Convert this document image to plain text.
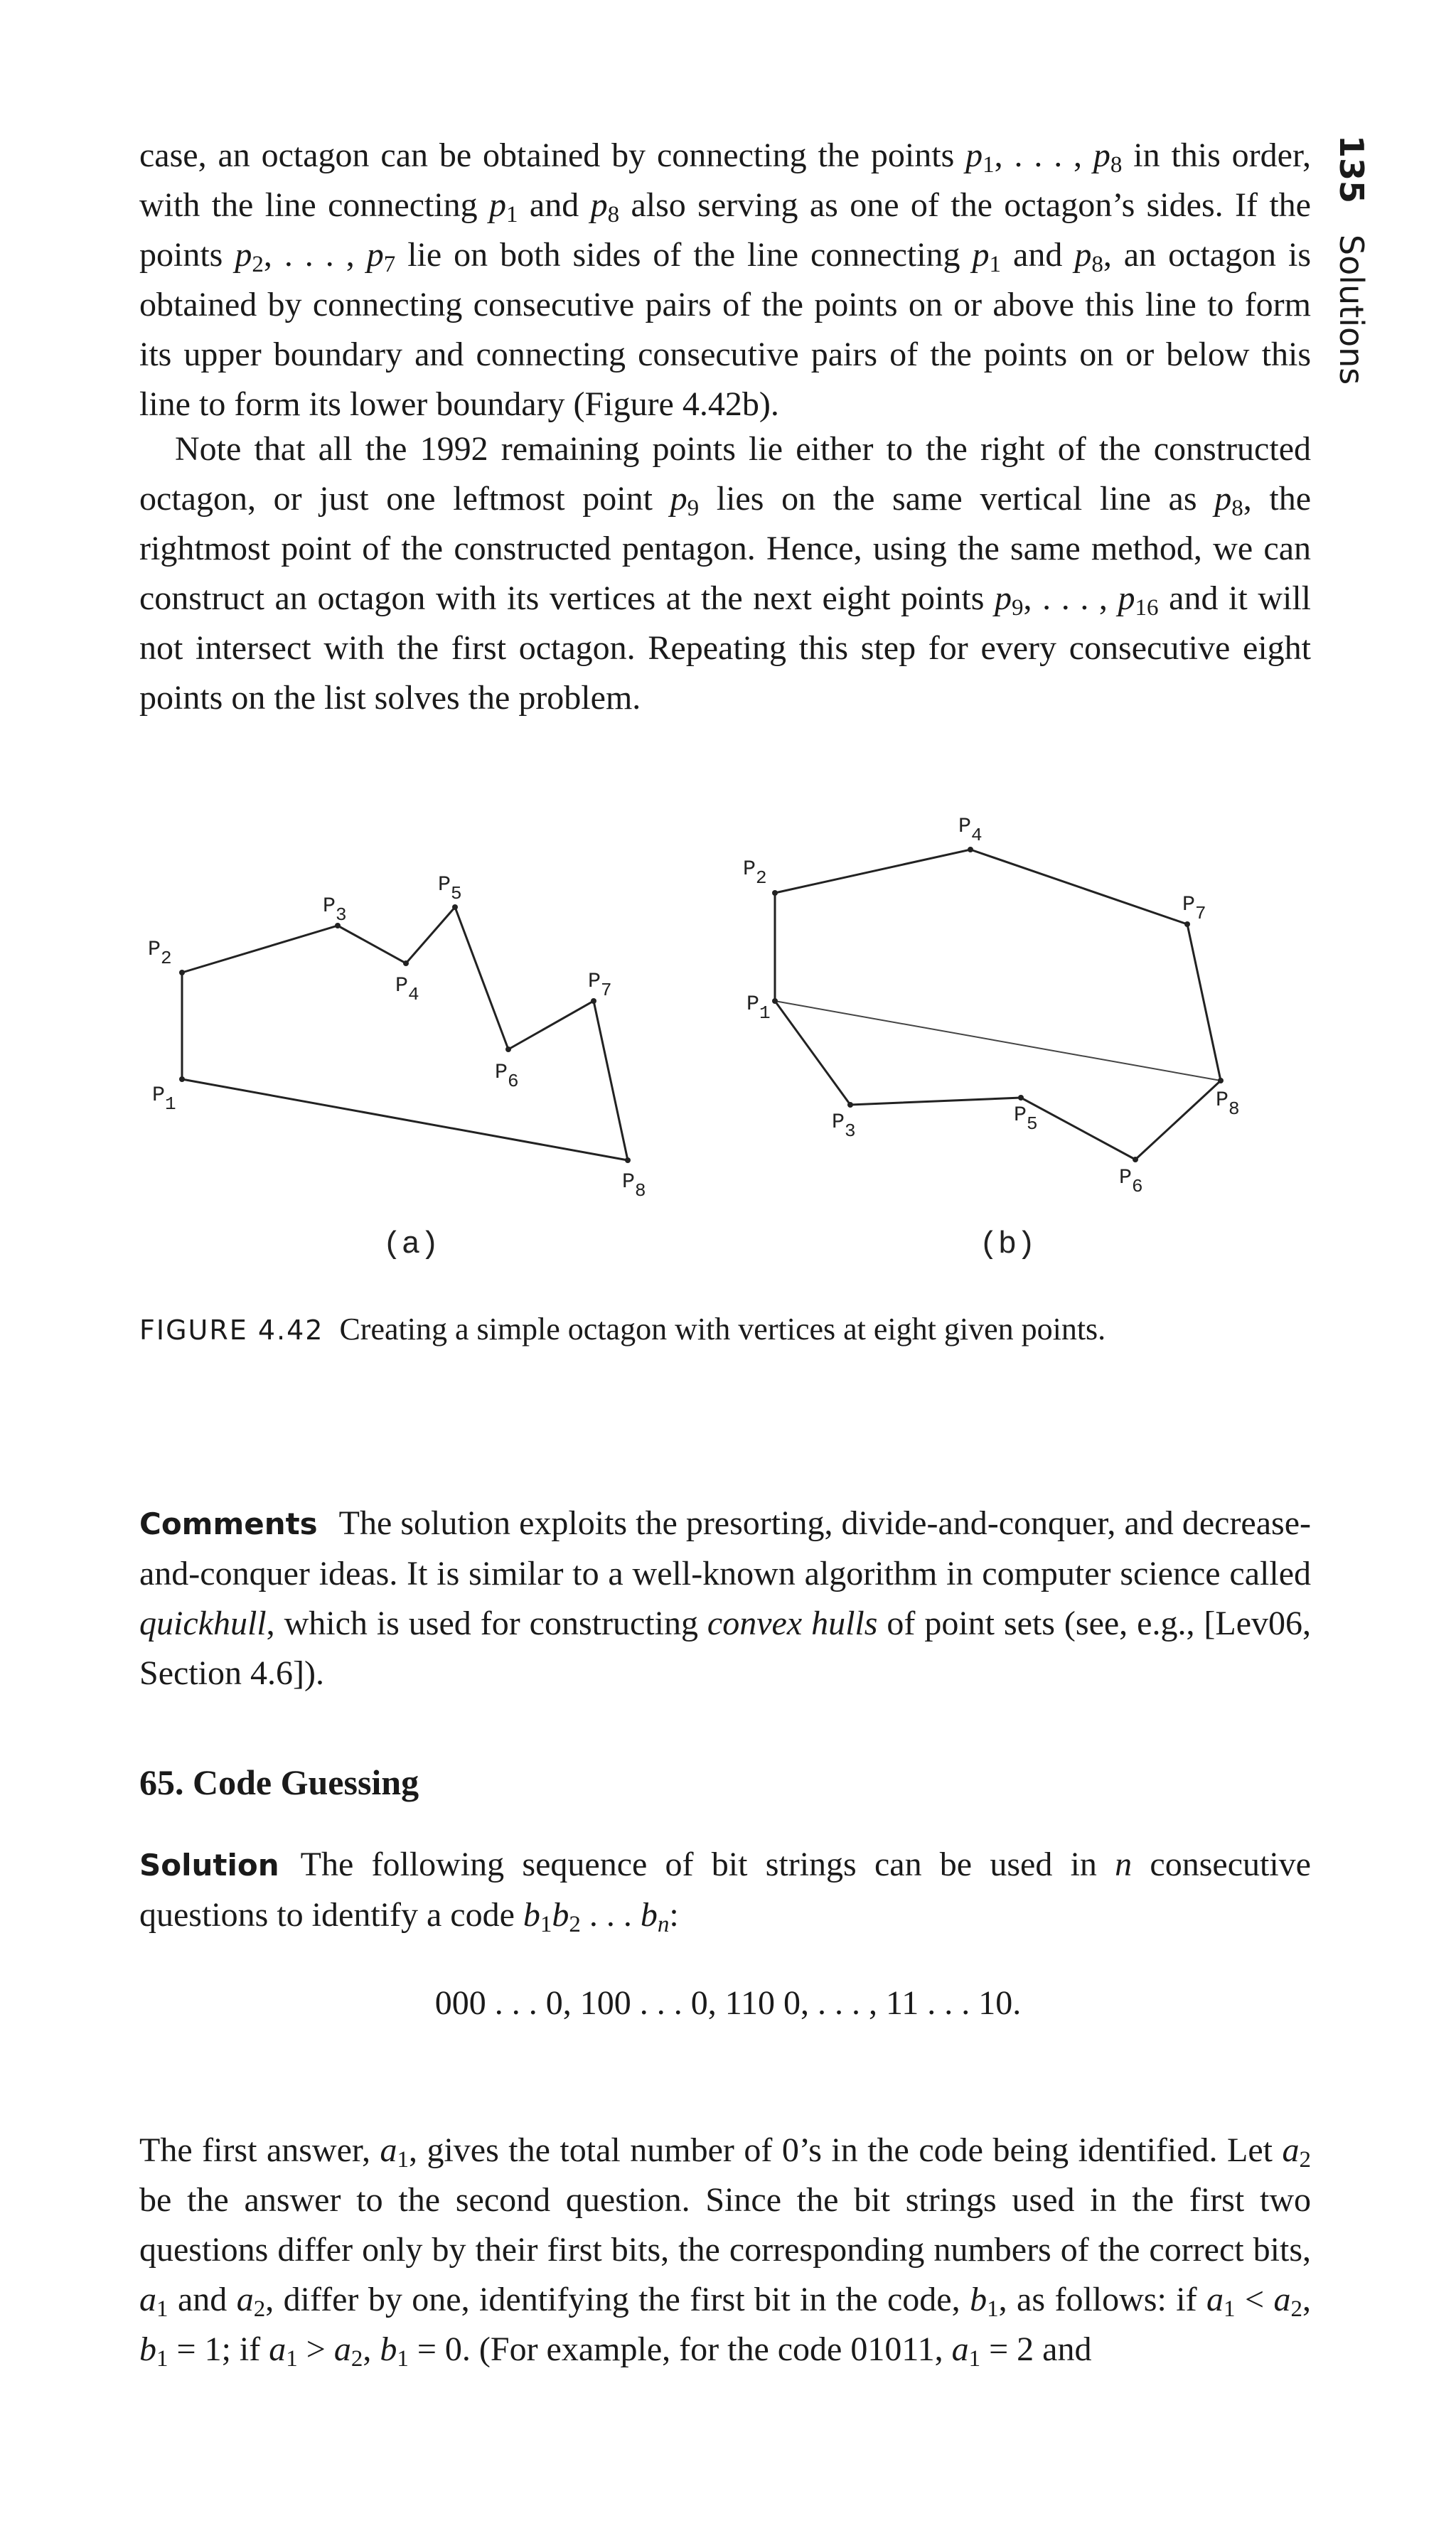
135   Solutions
case, an octagon can be obtained by connecting the points $p_1$, . . . , $p_8$ in this order, with the line connecting $p_1$ and $p_8$ also serving as one of the octagon’s sides. If the points $p_2$, . . . , $p_7$ lie on both sides of the line connecting $p_1$ and $p_8$, an octagon is obtained by connecting consecutive pairs of the points on or above this line to form its upper boundary and connecting consecutive pairs of the points on or below this line to form its lower boundary (Figure 4.42b).
Note that all the 1992 remaining points lie either to the right of the constructed octagon, or just one leftmost point $p_9$ lies on the same vertical line as $p_8$, the rightmost point of the constructed pentagon. Hence, using the same method, we can construct an octagon with its vertices at the next eight points $p_9$, . . . , $p_{16}$ and it will not intersect with the first octagon. Repeating this step for every consecutive eight points on the list solves the problem.
P1
P2
P3
P4
P5
P6
P7
P8
(a)
P1
P2
P3
P4
P5
P6
P7
P8
(b)
FIGURE 4.42 Creating a simple octagon with vertices at eight given points.
Comments The solution exploits the presorting, divide-and-conquer, and decrease-and-conquer ideas. It is similar to a well-known algorithm in computer science called quickhull, which is used for constructing convex hulls of point sets (see, e.g., [Lev06, Section 4.6]).
65. Code Guessing
Solution The following sequence of bit strings can be used in n consecutive questions to identify a code $b_1b_2$ . . . $b_n$:
000 . . . 0, 100 . . . 0, 110 0, . . . , 11 . . . 10.
The first answer, $a_1$, gives the total number of 0’s in the code being identified. Let $a_2$ be the answer to the second question. Since the bit strings used in the first two questions differ only by their first bits, the corresponding numbers of the correct bits, $a_1$ and $a_2$, differ by one, identifying the first bit in the code, $b_1$, as follows: if $a_1 < a_2$, $b_1 = 1$; if $a_1 > a_2$, $b_1 = 0$. (For example, for the code 01011, $a_1 = 2$ and
